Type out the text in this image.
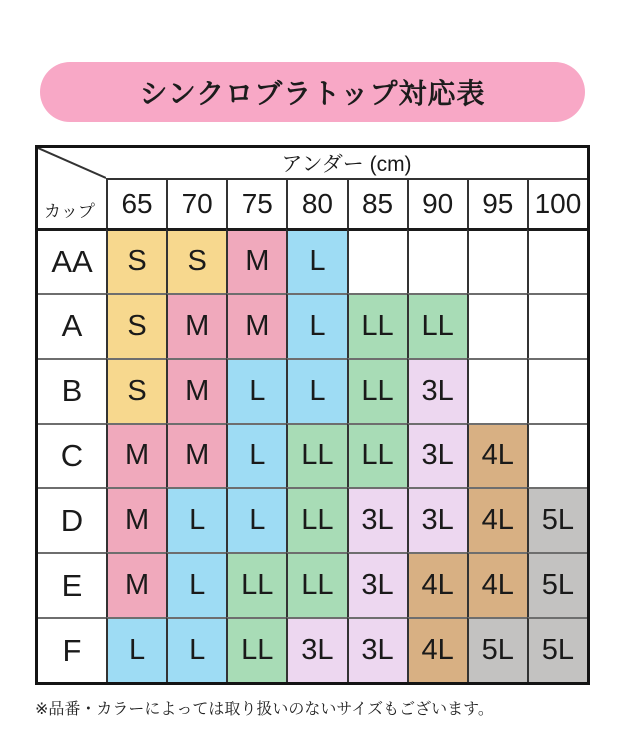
シンクロブラトップ対応表
カップ
アンダー (cm)
65	70	75	80	85	90	95 100
AA	S	S	M	L
A	S	M	M	L	LL LL
B	S	M	L	L	LL 3L
C	M	M	L	LL LL 3L 4L
D	M	L	L	LL 3L 3L 4L 5L
E	M	L	LL LL 3L 4L 4L 5L
F	L	L	LL 3L 3L 4L 5L 5L
※品番・カラーによっては取り扱いのないサイズもございます。
